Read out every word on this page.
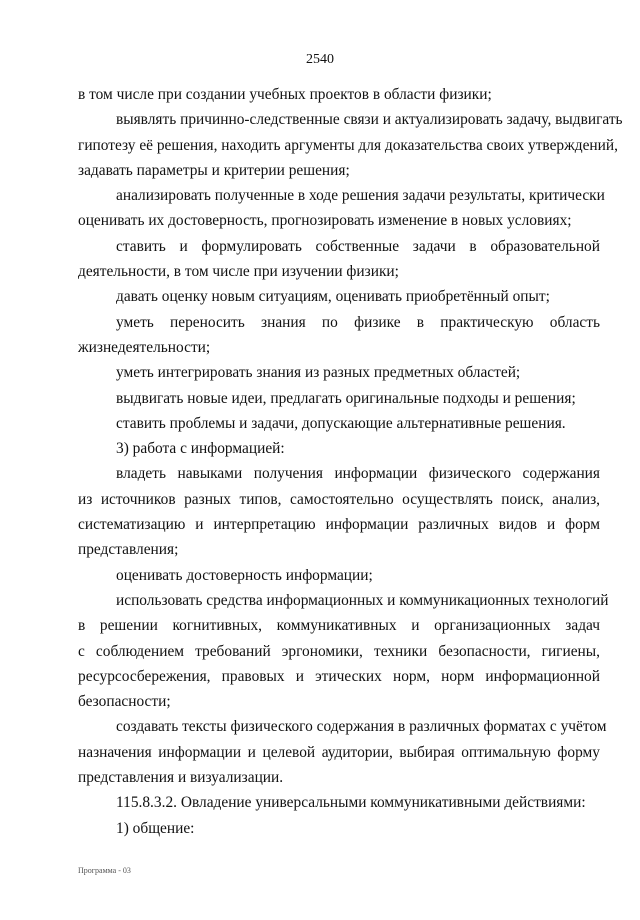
2540
в том числе при создании учебных проектов в области физики;
выявлять причинно-следственные связи и актуализировать задачу, выдвигать
гипотезу её решения, находить аргументы для доказательства своих утверждений,
задавать параметры и критерии решения;
анализировать полученные в ходе решения задачи результаты, критически
оценивать их достоверность, прогнозировать изменение в новых условиях;
ставить и формулировать собственные задачи в образовательной
деятельности, в том числе при изучении физики;
давать оценку новым ситуациям, оценивать приобретённый опыт;
уметь переносить знания по физике в практическую область
жизнедеятельности;
уметь интегрировать знания из разных предметных областей;
выдвигать новые идеи, предлагать оригинальные подходы и решения;
ставить проблемы и задачи, допускающие альтернативные решения.
3) работа с информацией:
владеть навыками получения информации физического содержания
из источников разных типов, самостоятельно осуществлять поиск, анализ,
систематизацию и интерпретацию информации различных видов и форм
представления;
оценивать достоверность информации;
использовать средства информационных и коммуникационных технологий
в решении когнитивных, коммуникативных и организационных задач
с соблюдением требований эргономики, техники безопасности, гигиены,
ресурсосбережения, правовых и этических норм, норм информационной
безопасности;
создавать тексты физического содержания в различных форматах с учётом
назначения информации и целевой аудитории, выбирая оптимальную форму
представления и визуализации.
115.8.3.2. Овладение универсальными коммуникативными действиями:
1) общение:
Программа - 03
